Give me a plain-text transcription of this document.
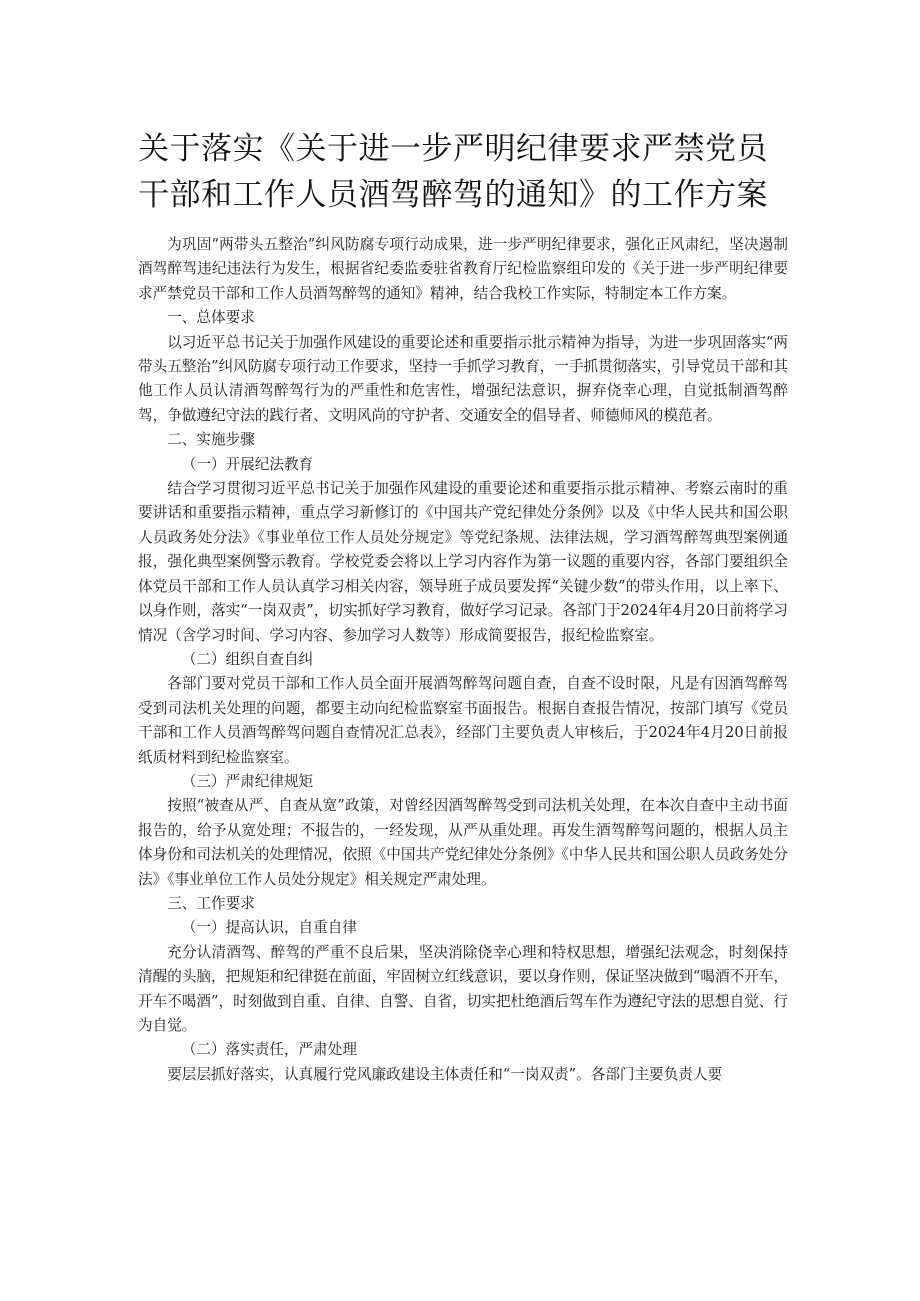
关于落实《关于进一步严明纪律要求严禁党员干部和工作人员酒驾醉驾的通知》的工作方案

为巩固“两带头五整治”纠风防腐专项行动成果，进一步严明纪律要求，强化正风肃纪，坚决遏制酒驾醉驾违纪违法行为发生，根据省纪委监委驻省教育厅纪检监察组印发的《关于进一步严明纪律要求严禁党员干部和工作人员酒驾醉驾的通知》精神，结合我校工作实际，特制定本工作方案。

一、总体要求

以习近平总书记关于加强作风建设的重要论述和重要指示批示精神为指导，为进一步巩固落实“两带头五整治”纠风防腐专项行动工作要求，坚持一手抓学习教育，一手抓贯彻落实，引导党员干部和其他工作人员认清酒驾醉驾行为的严重性和危害性，增强纪法意识，摒弃侥幸心理，自觉抵制酒驾醉驾，争做遵纪守法的践行者、文明风尚的守护者、交通安全的倡导者、师德师风的模范者。

二、实施步骤

（一）开展纪法教育

结合学习贯彻习近平总书记关于加强作风建设的重要论述和重要指示批示精神、考察云南时的重要讲话和重要指示精神，重点学习新修订的《中国共产党纪律处分条例》以及《中华人民共和国公职人员政务处分法》《事业单位工作人员处分规定》等党纪条规、法律法规，学习酒驾醉驾典型案例通报，强化典型案例警示教育。学校党委会将以上学习内容作为第一议题的重要内容，各部门要组织全体党员干部和工作人员认真学习相关内容，领导班子成员要发挥“关键少数”的带头作用，以上率下、以身作则，落实“一岗双责”，切实抓好学习教育，做好学习记录。各部门于2024年4月20日前将学习情况（含学习时间、学习内容、参加学习人数等）形成简要报告，报纪检监察室。

（二）组织自查自纠

各部门要对党员干部和工作人员全面开展酒驾醉驾问题自查，自查不设时限，凡是有因酒驾醉驾受到司法机关处理的问题，都要主动向纪检监察室书面报告。根据自查报告情况，按部门填写《党员干部和工作人员酒驾醉驾问题自查情况汇总表》，经部门主要负责人审核后，于2024年4月20日前报纸质材料到纪检监察室。

（三）严肃纪律规矩

按照“被查从严、自查从宽”政策，对曾经因酒驾醉驾受到司法机关处理，在本次自查中主动书面报告的，给予从宽处理；不报告的，一经发现，从严从重处理。再发生酒驾醉驾问题的，根据人员主体身份和司法机关的处理情况，依照《中国共产党纪律处分条例》《中华人民共和国公职人员政务处分法》《事业单位工作人员处分规定》相关规定严肃处理。

三、工作要求

（一）提高认识，自重自律

充分认清酒驾、醉驾的严重不良后果，坚决消除侥幸心理和特权思想，增强纪法观念，时刻保持清醒的头脑，把规矩和纪律挺在前面，牢固树立红线意识，要以身作则，保证坚决做到“喝酒不开车，开车不喝酒”，时刻做到自重、自律、自警、自省，切实把杜绝酒后驾车作为遵纪守法的思想自觉、行为自觉。

（二）落实责任，严肃处理

要层层抓好落实，认真履行党风廉政建设主体责任和“一岗双责”。各部门主要负责人要
